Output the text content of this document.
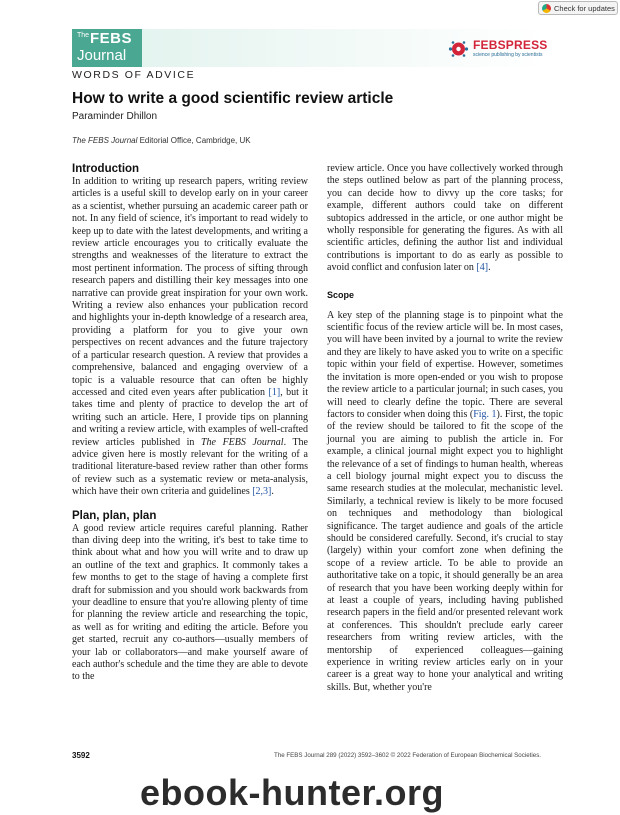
Check for updates
The FEBS
Journal
FEBSPRESS
science publishing by scientists
WORDS OF ADVICE
How to write a good scientific review article
Paraminder Dhillon
The FEBS Journal Editorial Office, Cambridge, UK
Introduction

In addition to writing up research papers, writing review articles is a useful skill to develop early on in your career as a scientist, whether pursuing an academic career path or not. In any field of science, it's important to read widely to keep up to date with the latest developments, and writing a review article encourages you to critically evaluate the strengths and weaknesses of the literature to extract the most pertinent information. The process of sifting through research papers and distilling their key messages into one narrative can provide great inspiration for your own work. Writing a review also enhances your publication record and highlights your in-depth knowledge of a research area, providing a platform for you to give your own perspectives on recent advances and the future trajectory of a particular research question. A review that provides a comprehensive, balanced and engaging overview of a topic is a valuable resource that can often be highly accessed and cited even years after publication [1], but it takes time and plenty of practice to develop the art of writing such an article. Here, I provide tips on planning and writing a review article, with examples of well-crafted review articles published in The FEBS Journal. The advice given here is mostly relevant for the writing of a traditional literature-based review rather than other forms of review such as a systematic review or meta-analysis, which have their own criteria and guidelines [2,3].

Plan, plan, plan

A good review article requires careful planning. Rather than diving deep into the writing, it's best to take time to think about what and how you will write and to draw up an outline of the text and graphics. It commonly takes a few months to get to the stage of having a complete first draft for submission and you should work backwards from your deadline to ensure that you're allowing plenty of time for planning the review article and researching the topic, as well as for writing and editing the article. Before you get started, recruit any co-authors—usually members of your lab or collaborators—and make yourself aware of each author's schedule and the time they are able to devote to the

review article. Once you have collectively worked through the steps outlined below as part of the planning process, you can decide how to divvy up the core tasks; for example, different authors could take on different subtopics addressed in the article, or one author might be wholly responsible for generating the figures. As with all scientific articles, defining the author list and individual contributions is important to do as early as possible to avoid conflict and confusion later on [4].

Scope

A key step of the planning stage is to pinpoint what the scientific focus of the review article will be. In most cases, you will have been invited by a journal to write the review and they are likely to have asked you to write on a specific topic within your field of expertise. However, sometimes the invitation is more open-ended or you wish to propose the review article to a particular journal; in such cases, you will need to clearly define the topic. There are several factors to consider when doing this (Fig. 1). First, the topic of the review should be tailored to fit the scope of the journal you are aiming to publish the article in. For example, a clinical journal might expect you to highlight the relevance of a set of findings to human health, whereas a cell biology journal might expect you to discuss the same research studies at the molecular, mechanistic level. Similarly, a technical review is likely to be more focused on techniques and methodology than biological significance. The target audience and goals of the article should be considered carefully. Second, it's crucial to stay (largely) within your comfort zone when defining the scope of a review article. To be able to provide an authoritative take on a topic, it should generally be an area of research that you have been working deeply within for at least a couple of years, including having published research papers in the field and/or presented relevant work at conferences. This shouldn't preclude early career researchers from writing review articles, with the mentorship of experienced colleagues—gaining experience in writing review articles early on in your career is a great way to hone your analytical and writing skills. But, whether you're

3592	The FEBS Journal 289 (2022) 3592–3602 © 2022 Federation of European Biochemical Societies.
ebook-hunter.org
